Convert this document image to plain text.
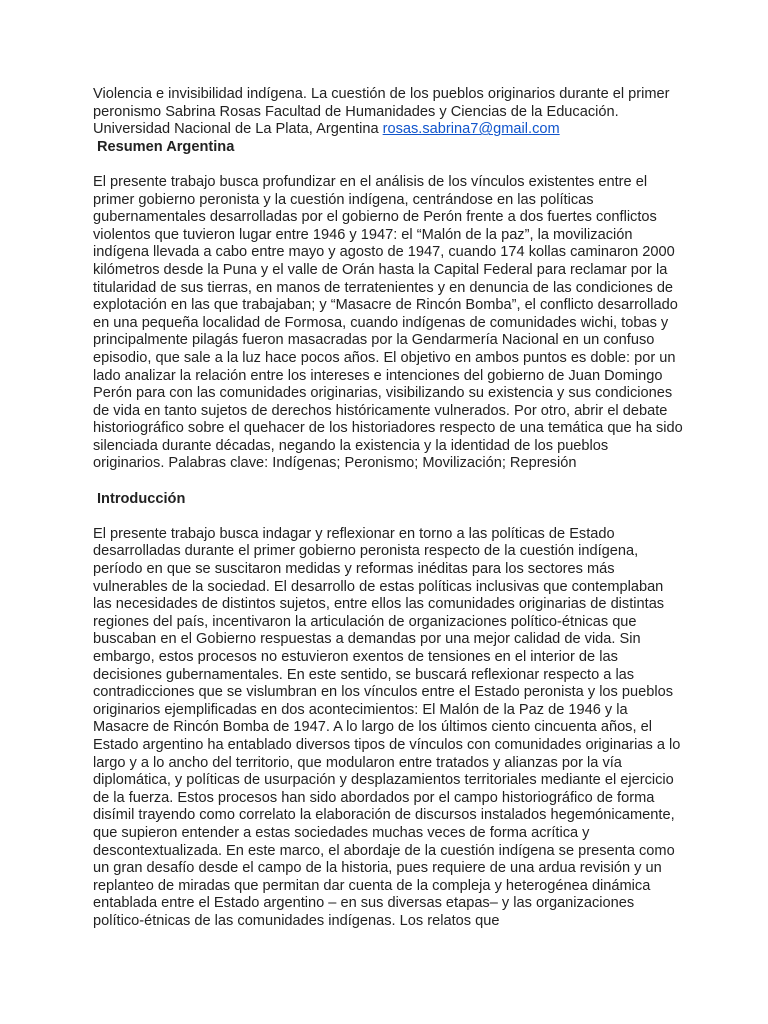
Violencia e invisibilidad indígena. La cuestión de los pueblos originarios durante el primer peronismo Sabrina Rosas Facultad de Humanidades y Ciencias de la Educación. Universidad Nacional de La Plata, Argentina rosas.sabrina7@gmail.com

Resumen Argentina

El presente trabajo busca profundizar en el análisis de los vínculos existentes entre el primer gobierno peronista y la cuestión indígena, centrándose en las políticas gubernamentales desarrolladas por el gobierno de Perón frente a dos fuertes conflictos violentos que tuvieron lugar entre 1946 y 1947: el “Malón de la paz”, la movilización indígena llevada a cabo entre mayo y agosto de 1947, cuando 174 kollas caminaron 2000 kilómetros desde la Puna y el valle de Orán hasta la Capital Federal para reclamar por la titularidad de sus tierras, en manos de terratenientes y en denuncia de las condiciones de explotación en las que trabajaban; y “Masacre de Rincón Bomba”, el conflicto desarrollado en una pequeña localidad de Formosa, cuando indígenas de comunidades wichi, tobas y principalmente pilagás fueron masacradas por la Gendarmería Nacional en un confuso episodio, que sale a la luz hace pocos años. El objetivo en ambos puntos es doble: por un lado analizar la relación entre los intereses e intenciones del gobierno de Juan Domingo Perón para con las comunidades originarias, visibilizando su existencia y sus condiciones de vida en tanto sujetos de derechos históricamente vulnerados. Por otro, abrir el debate historiográfico sobre el quehacer de los historiadores respecto de una temática que ha sido silenciada durante décadas, negando la existencia y la identidad de los pueblos originarios. Palabras clave: Indígenas; Peronismo; Movilización; Represión

Introducción

El presente trabajo busca indagar y reflexionar en torno a las políticas de Estado desarrolladas durante el primer gobierno peronista respecto de la cuestión indígena, período en que se suscitaron medidas y reformas inéditas para los sectores más vulnerables de la sociedad. El desarrollo de estas políticas inclusivas que contemplaban las necesidades de distintos sujetos, entre ellos las comunidades originarias de distintas regiones del país, incentivaron la articulación de organizaciones político-étnicas que buscaban en el Gobierno respuestas a demandas por una mejor calidad de vida. Sin embargo, estos procesos no estuvieron exentos de tensiones en el interior de las decisiones gubernamentales. En este sentido, se buscará reflexionar respecto a las contradicciones que se vislumbran en los vínculos entre el Estado peronista y los pueblos originarios ejemplificadas en dos acontecimientos: El Malón de la Paz de 1946 y la Masacre de Rincón Bomba de 1947. A lo largo de los últimos ciento cincuenta años, el Estado argentino ha entablado diversos tipos de vínculos con comunidades originarias a lo largo y a lo ancho del territorio, que modularon entre tratados y alianzas por la vía diplomática, y políticas de usurpación y desplazamientos territoriales mediante el ejercicio de la fuerza. Estos procesos han sido abordados por el campo historiográfico de forma disímil trayendo como correlato la elaboración de discursos instalados hegemónicamente, que supieron entender a estas sociedades muchas veces de forma acrítica y descontextualizada. En este marco, el abordaje de la cuestión indígena se presenta como un gran desafío desde el campo de la historia, pues requiere de una ardua revisión y un replanteo de miradas que permitan dar cuenta de la compleja y heterogénea dinámica entablada entre el Estado argentino – en sus diversas etapas– y las organizaciones político-étnicas de las comunidades indígenas. Los relatos que
